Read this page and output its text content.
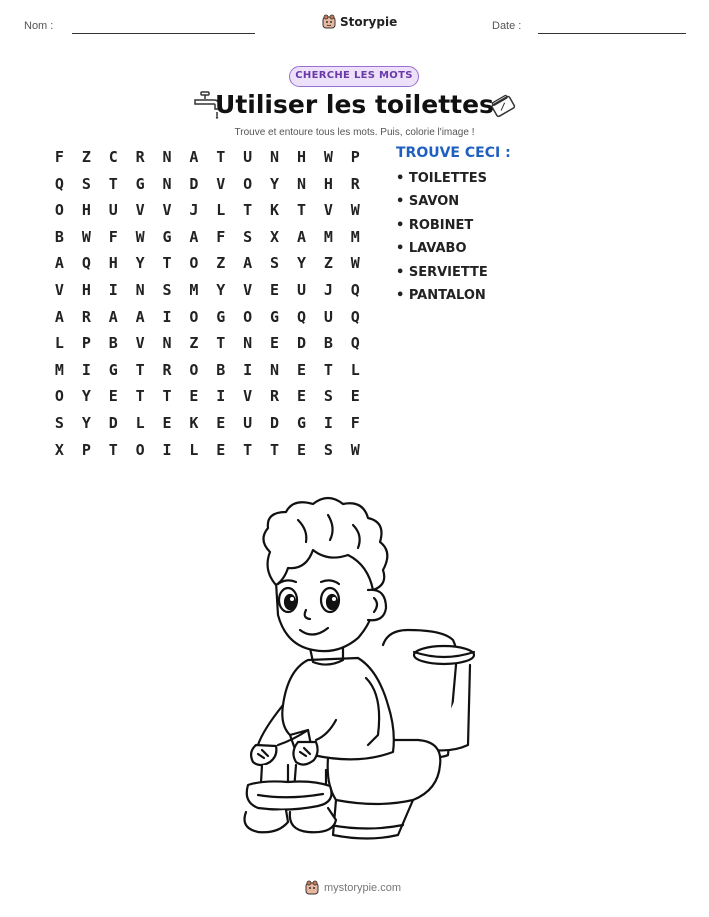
Nom :	Storypie	Date :
CHERCHE LES MOTS
Utiliser les toilettes
Trouve et entoure tous les mots. Puis, colorie l'image !
F	Z	C	R	N	A	T	U	N	H	W	P
Q	S	T	G	N	D	V	O	Y	N	H	R
O	H	U	V	V	J	L	T	K	T	V	W
B	W	F	W	G	A	F	S	X	A	M	M
A	Q	H	Y	T	O	Z	A	S	Y	Z	W
V	H	I	N	S	M	Y	V	E	U	J	Q
A	R	A	A	I	O	G	O	G	Q	U	Q
L	P	B	V	N	Z	T	N	E	D	B	Q
M	I	G	T	R	O	B	I	N	E	T	L
O	Y	E	T	T	E	I	V	R	E	S	E
S	Y	D	L	E	K	E	U	D	G	I	F
X	P	T	O	I	L	E	T	T	E	S	W
TROUVE CECI :
• TOILETTES
• SAVON
• ROBINET
• LAVABO
• SERVIETTE
• PANTALON
mystorypie.com
